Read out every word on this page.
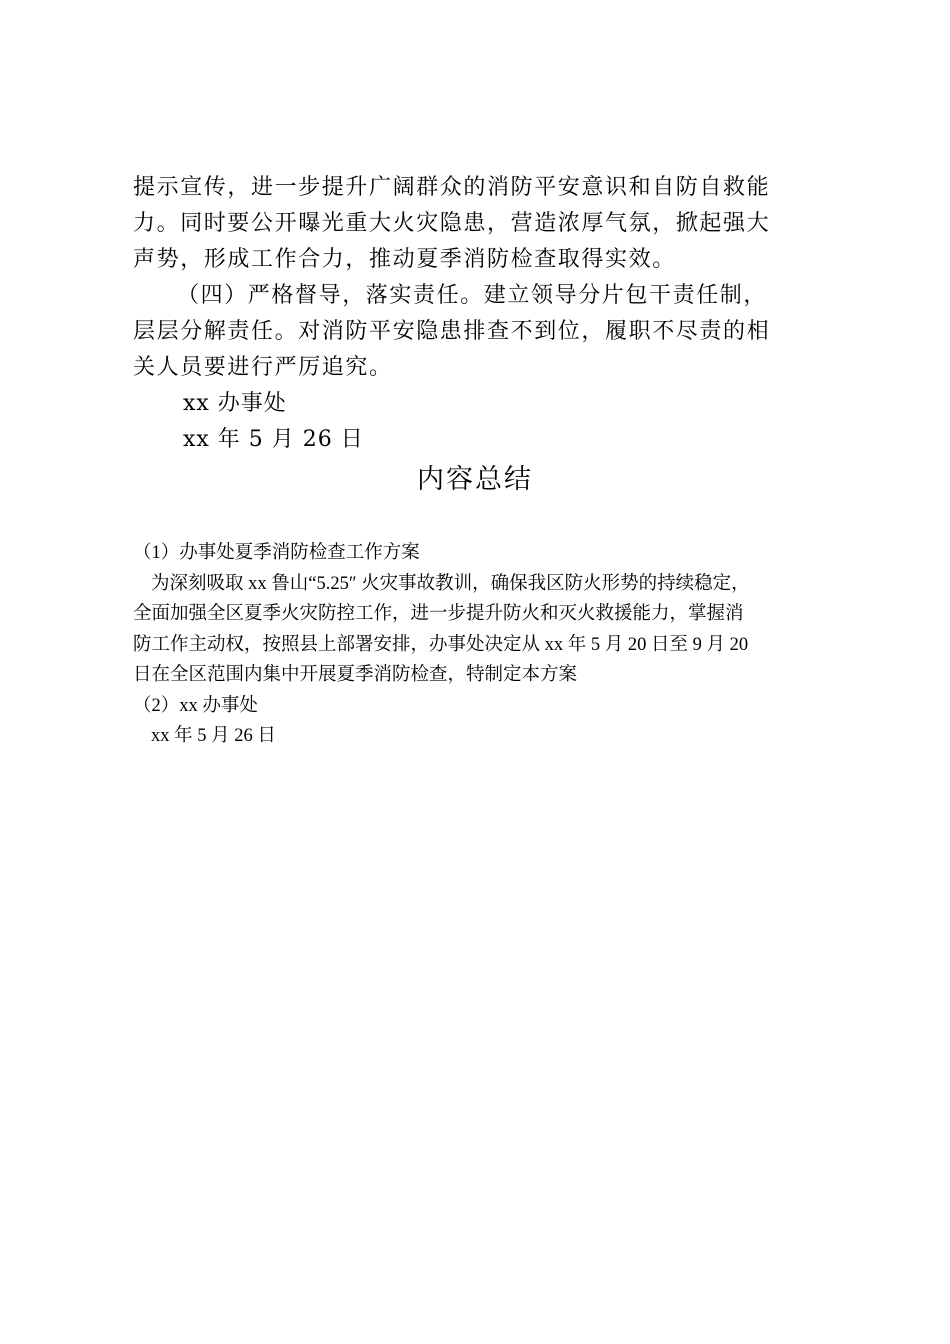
提示宣传，进一步提升广阔群众的消防平安意识和自防自救能
力。同时要公开曝光重大火灾隐患，营造浓厚气氛，掀起强大
声势，形成工作合力，推动夏季消防检查取得实效。
（四）严格督导，落实责任。建立领导分片包干责任制，
层层分解责任。对消防平安隐患排查不到位，履职不尽责的相
关人员要进行严厉追究。
xx 办事处
xx 年 5 月 26 日
内容总结
（1）办事处夏季消防检查工作方案
为深刻吸取 xx 鲁山“5.25″ 火灾事故教训，确保我区防火形势的持续稳定，
全面加强全区夏季火灾防控工作，进一步提升防火和灭火救援能力，掌握消
防工作主动权，按照县上部署安排，办事处决定从 xx 年 5 月 20 日至 9 月 20
日在全区范围内集中开展夏季消防检查，特制定本方案
（2）xx 办事处
xx 年 5 月 26 日
